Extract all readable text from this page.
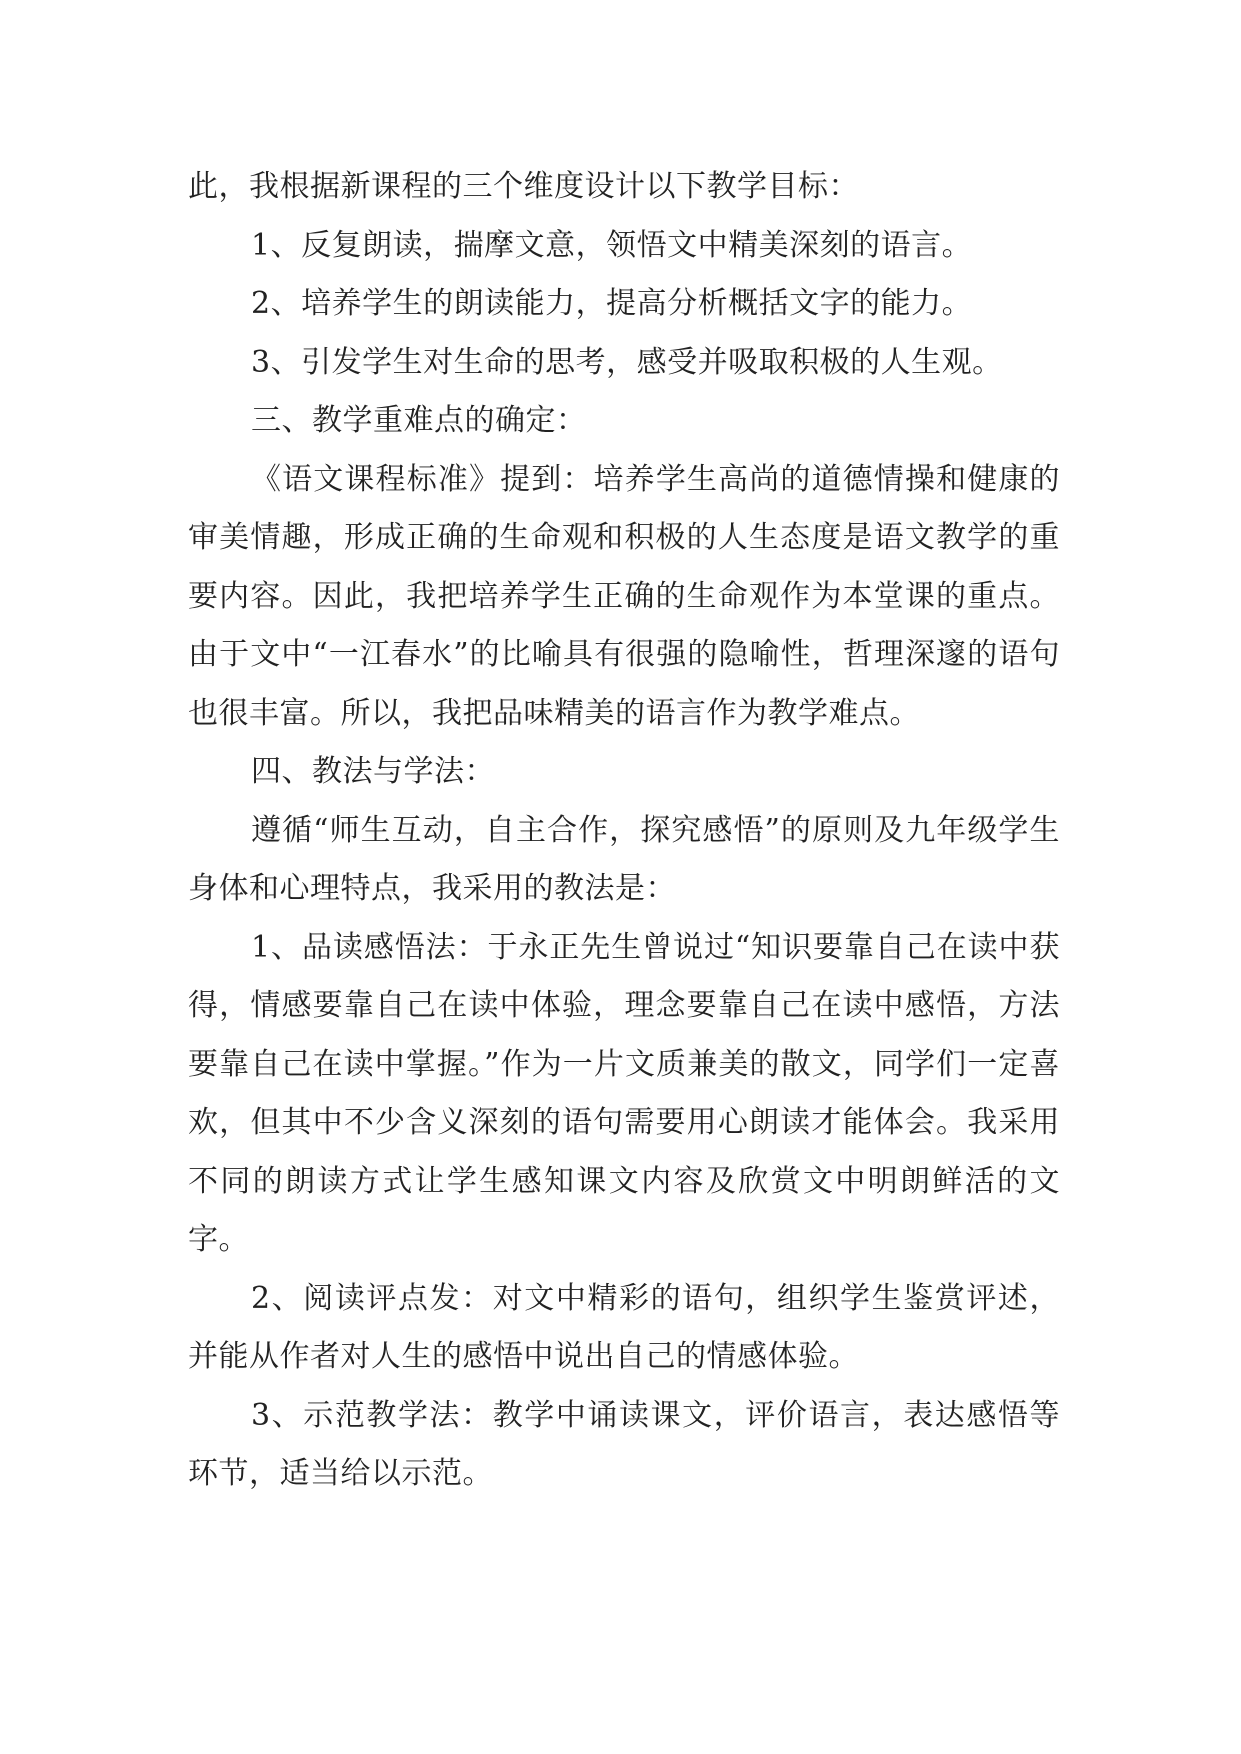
此，我根据新课程的三个维度设计以下教学目标：

1、反复朗读，揣摩文意，领悟文中精美深刻的语言。

2、培养学生的朗读能力，提高分析概括文字的能力。

3、引发学生对生命的思考，感受并吸取积极的人生观。

三、教学重难点的确定：

《语文课程标准》提到：培养学生高尚的道德情操和健康的审美情趣，形成正确的生命观和积极的人生态度是语文教学的重要内容。因此，我把培养学生正确的生命观作为本堂课的重点。由于文中“一江春水”的比喻具有很强的隐喻性，哲理深邃的语句也很丰富。所以，我把品味精美的语言作为教学难点。

四、教法与学法：

遵循“师生互动，自主合作，探究感悟”的原则及九年级学生身体和心理特点，我采用的教法是：

1、品读感悟法：于永正先生曾说过“知识要靠自己在读中获得，情感要靠自己在读中体验，理念要靠自己在读中感悟，方法要靠自己在读中掌握。”作为一片文质兼美的散文，同学们一定喜欢，但其中不少含义深刻的语句需要用心朗读才能体会。我采用不同的朗读方式让学生感知课文内容及欣赏文中明朗鲜活的文字。

2、阅读评点发：对文中精彩的语句，组织学生鉴赏评述，并能从作者对人生的感悟中说出自己的情感体验。

3、示范教学法：教学中诵读课文，评价语言，表达感悟等环节，适当给以示范。
